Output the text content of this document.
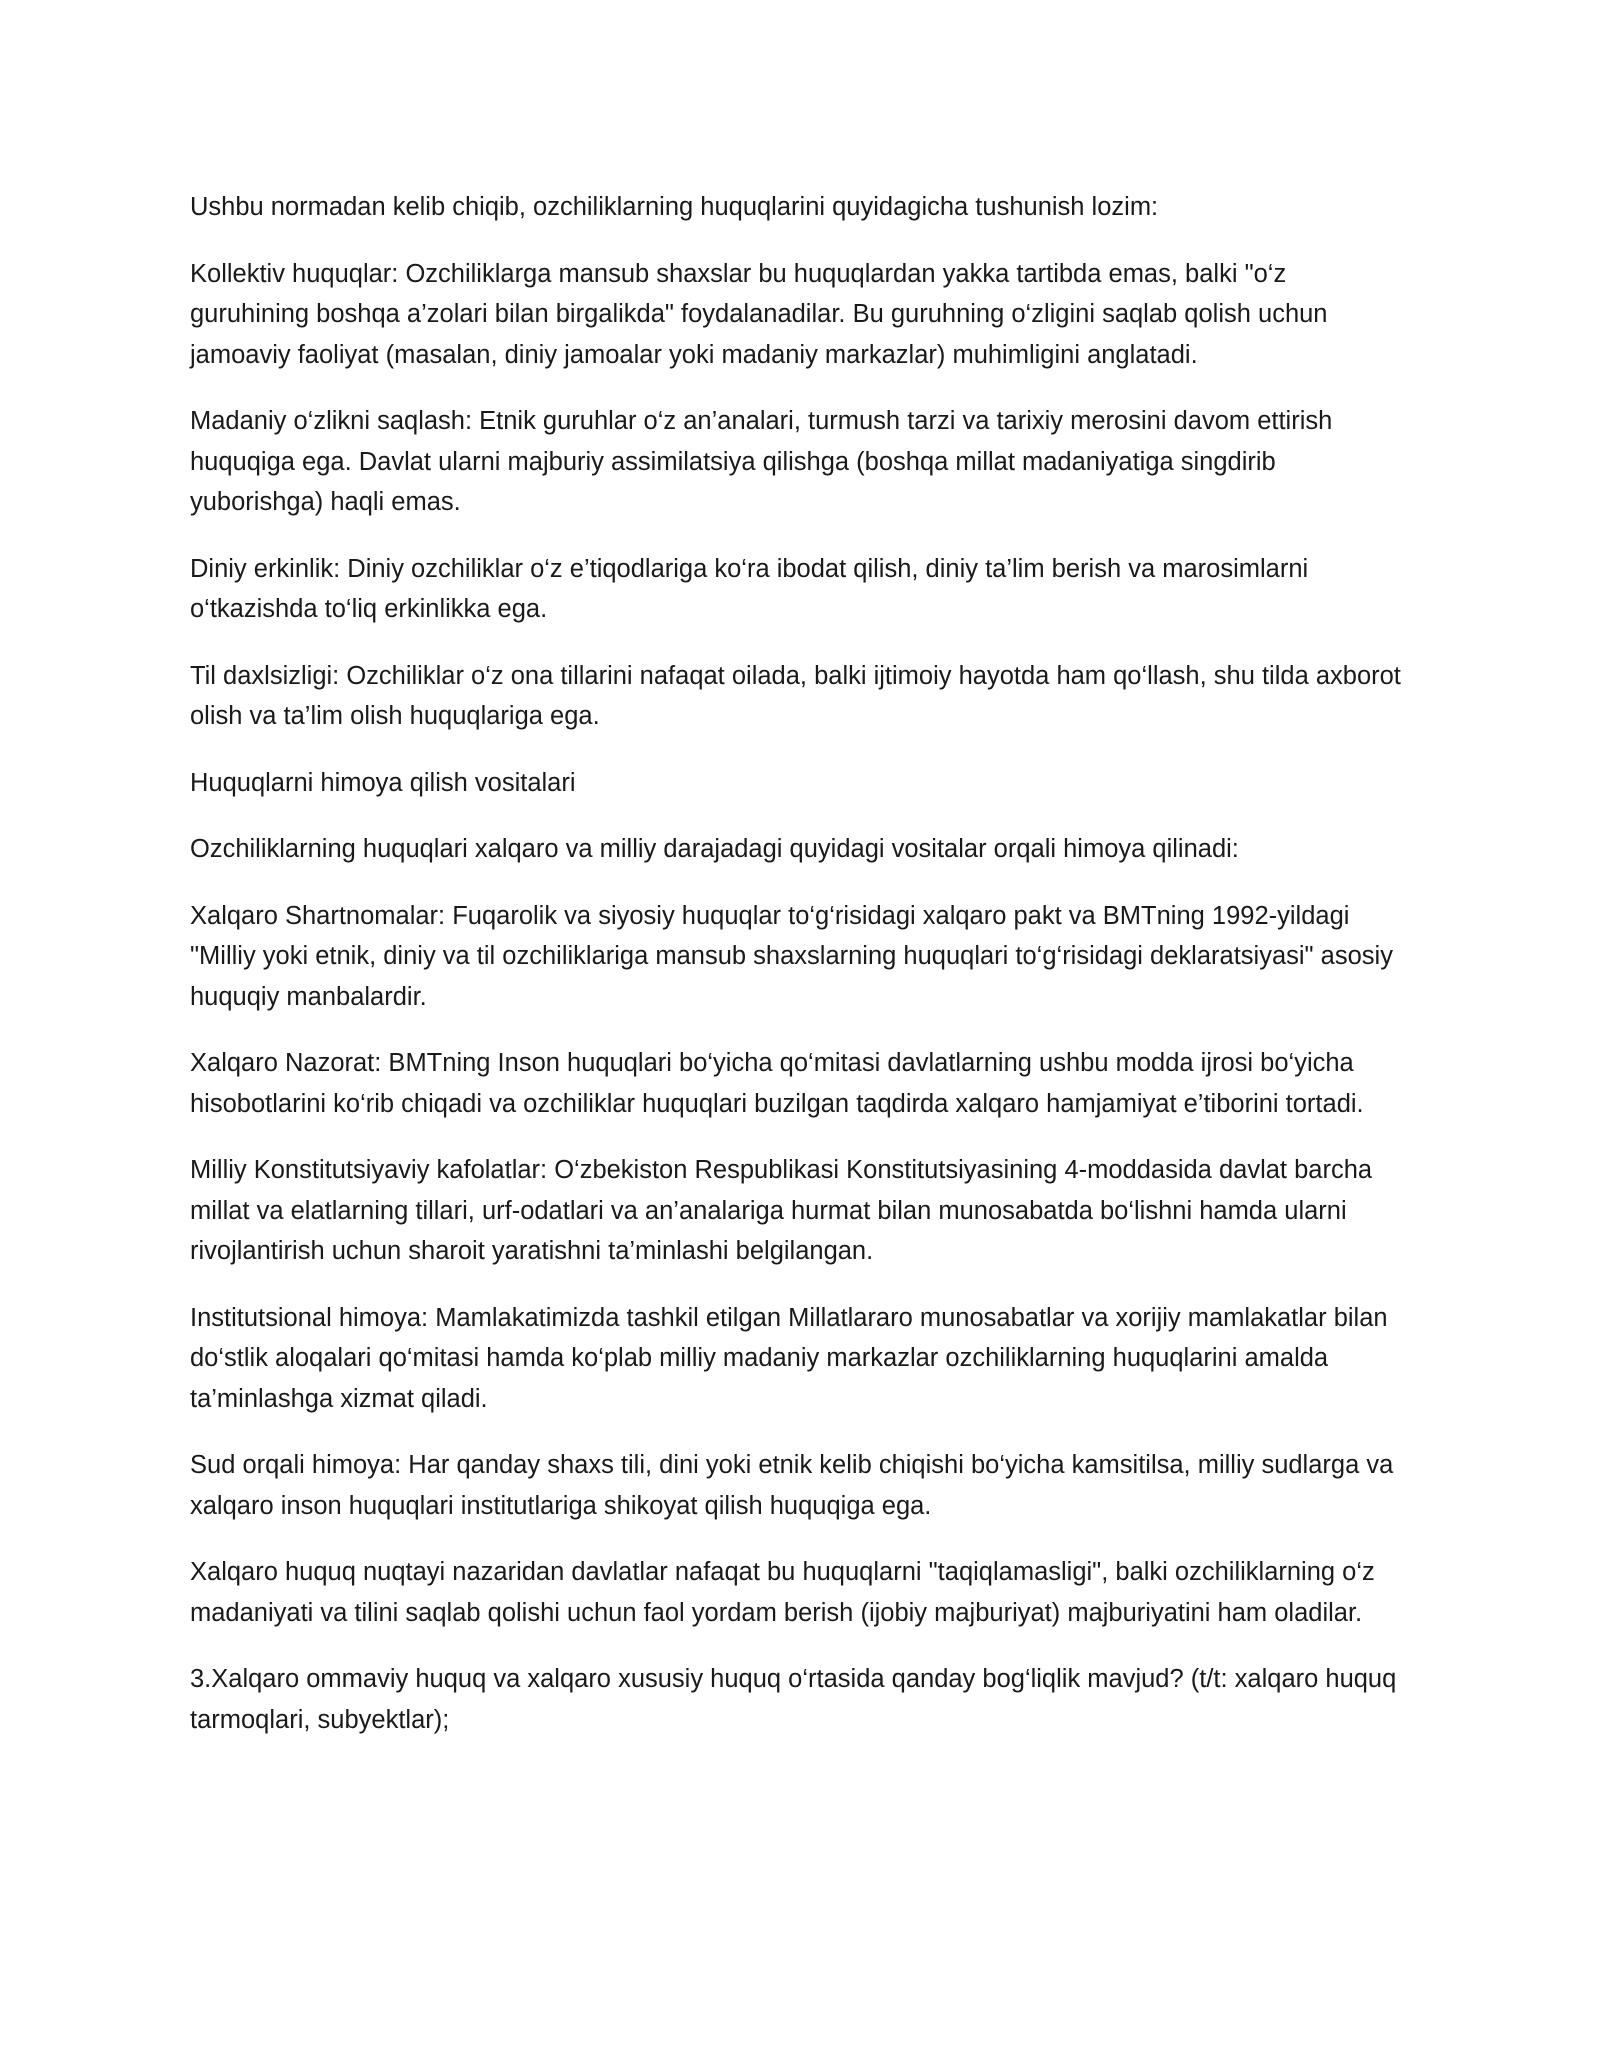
Ushbu normadan kelib chiqib, ozchiliklarning huquqlarini quyidagicha tushunish lozim:

Kollektiv huquqlar: Ozchiliklarga mansub shaxslar bu huquqlardan yakka tartibda emas, balki "o‘z guruhining boshqa a’zolari bilan birgalikda" foydalanadilar. Bu guruhning o‘zligini saqlab qolish uchun jamoaviy faoliyat (masalan, diniy jamoalar yoki madaniy markazlar) muhimligini anglatadi.

Madaniy o‘zlikni saqlash: Etnik guruhlar o‘z an’analari, turmush tarzi va tarixiy merosini davom ettirish huquqiga ega. Davlat ularni majburiy assimilatsiya qilishga (boshqa millat madaniyatiga singdirib yuborishga) haqli emas.

Diniy erkinlik: Diniy ozchiliklar o‘z e’tiqodlariga ko‘ra ibodat qilish, diniy ta’lim berish va marosimlarni o‘tkazishda to‘liq erkinlikka ega.

Til daxlsizligi: Ozchiliklar o‘z ona tillarini nafaqat oilada, balki ijtimoiy hayotda ham qo‘llash, shu tilda axborot olish va ta’lim olish huquqlariga ega.

Huquqlarni himoya qilish vositalari

Ozchiliklarning huquqlari xalqaro va milliy darajadagi quyidagi vositalar orqali himoya qilinadi:

Xalqaro Shartnomalar: Fuqarolik va siyosiy huquqlar to‘g‘risidagi xalqaro pakt va BMTning 1992-yildagi "Milliy yoki etnik, diniy va til ozchiliklariga mansub shaxslarning huquqlari to‘g‘risidagi deklaratsiyasi" asosiy huquqiy manbalardir.

Xalqaro Nazorat: BMTning Inson huquqlari bo‘yicha qo‘mitasi davlatlarning ushbu modda ijrosi bo‘yicha hisobotlarini ko‘rib chiqadi va ozchiliklar huquqlari buzilgan taqdirda xalqaro hamjamiyat e’tiborini tortadi.

Milliy Konstitutsiyaviy kafolatlar: O‘zbekiston Respublikasi Konstitutsiyasining 4-moddasida davlat barcha millat va elatlarning tillari, urf-odatlari va an’analariga hurmat bilan munosabatda bo‘lishni hamda ularni rivojlantirish uchun sharoit yaratishni ta’minlashi belgilangan.

Institutsional himoya: Mamlakatimizda tashkil etilgan Millatlararo munosabatlar va xorijiy mamlakatlar bilan do‘stlik aloqalari qo‘mitasi hamda ko‘plab milliy madaniy markazlar ozchiliklarning huquqlarini amalda ta’minlashga xizmat qiladi.

Sud orqali himoya: Har qanday shaxs tili, dini yoki etnik kelib chiqishi bo‘yicha kamsitilsa, milliy sudlarga va xalqaro inson huquqlari institutlariga shikoyat qilish huquqiga ega.

Xalqaro huquq nuqtayi nazaridan davlatlar nafaqat bu huquqlarni "taqiqlamasligi", balki ozchiliklarning o‘z madaniyati va tilini saqlab qolishi uchun faol yordam berish (ijobiy majburiyat) majburiyatini ham oladilar.

3.Xalqaro ommaviy huquq va xalqaro xususiy huquq o‘rtasida qanday bog‘liqlik mavjud? (t/t: xalqaro huquq tarmoqlari, subyektlar);
